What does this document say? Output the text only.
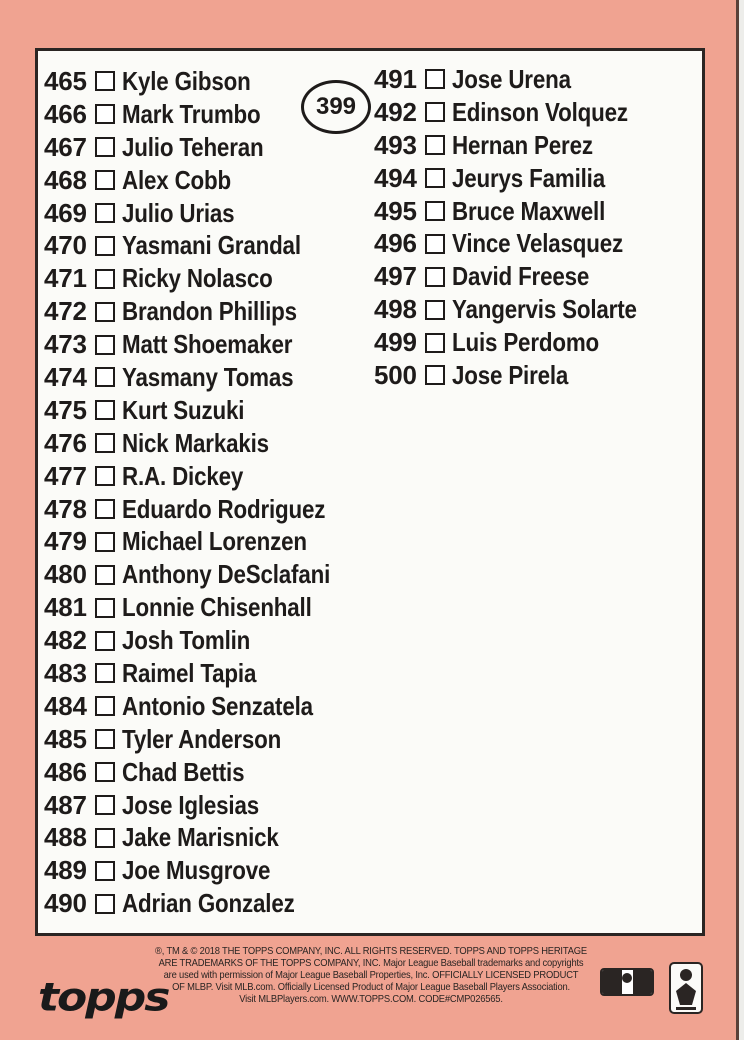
465 Kyle Gibson
466 Mark Trumbo
467 Julio Teheran
468 Alex Cobb
469 Julio Urias
470 Yasmani Grandal
471 Ricky Nolasco
472 Brandon Phillips
473 Matt Shoemaker
474 Yasmany Tomas
475 Kurt Suzuki
476 Nick Markakis
477 R.A. Dickey
478 Eduardo Rodriguez
479 Michael Lorenzen
480 Anthony DeSclafani
481 Lonnie Chisenhall
482 Josh Tomlin
483 Raimel Tapia
484 Antonio Senzatela
485 Tyler Anderson
486 Chad Bettis
487 Jose Iglesias
488 Jake Marisnick
489 Joe Musgrove
490 Adrian Gonzalez
491 Jose Urena
492 Edinson Volquez
493 Hernan Perez
494 Jeurys Familia
495 Bruce Maxwell
496 Vince Velasquez
497 David Freese
498 Yangervis Solarte
499 Luis Perdomo
500 Jose Pirela
399
topps
®, TM & © 2018 THE TOPPS COMPANY, INC. ALL RIGHTS RESERVED. TOPPS AND TOPPS HERITAGE
ARE TRADEMARKS OF THE TOPPS COMPANY, INC. Major League Baseball trademarks and copyrights
are used with permission of Major League Baseball Properties, Inc. OFFICIALLY LICENSED PRODUCT
OF MLBP. Visit MLB.com. Officially Licensed Product of Major League Baseball Players Association.
Visit MLBPlayers.com. WWW.TOPPS.COM. CODE#CMP026565.
